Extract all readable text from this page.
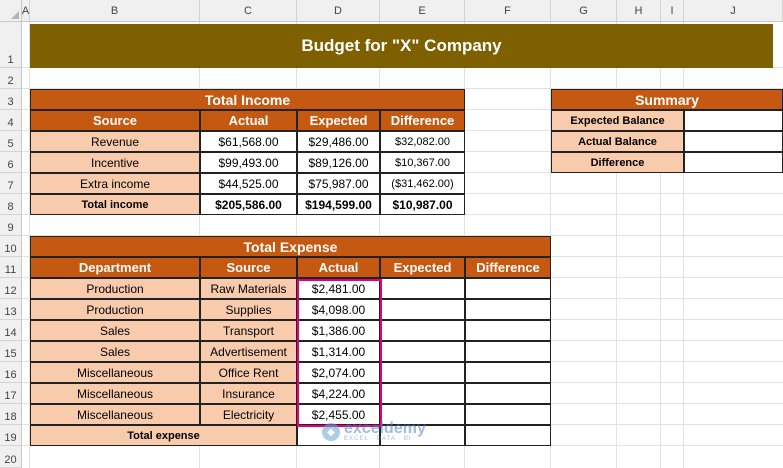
A	B	C	D	E	F	G	H	I	J
1
2
3
4
5
6
7
8
9
10
11
12
13
14
15
16
17
18
19
20
Budget for "X" Company
Total Income
Source	Actual	Expected	Difference
Revenue	$61,568.00	$29,486.00	$32,082.00
Incentive	$99,493.00	$89,126.00	$10,367.00
Extra income	$44,525.00	$75,987.00	($31,462.00)
Total income	$205,586.00	$194,599.00	$10,987.00
Summary
Expected Balance
Actual Balance
Difference
Total Expense
Department	Source	Actual	Expected	Difference
Production	Raw Materials	$2,481.00
Production	Supplies	$4,098.00
Sales	Transport	$1,386.00
Sales	Advertisement	$1,314.00
Miscellaneous	Office Rent	$2,074.00
Miscellaneous	Insurance	$4,224.00
Miscellaneous	Electricity	$2,455.00
Total expense	◆ exceldemy
EXCEL · DATA · BI
